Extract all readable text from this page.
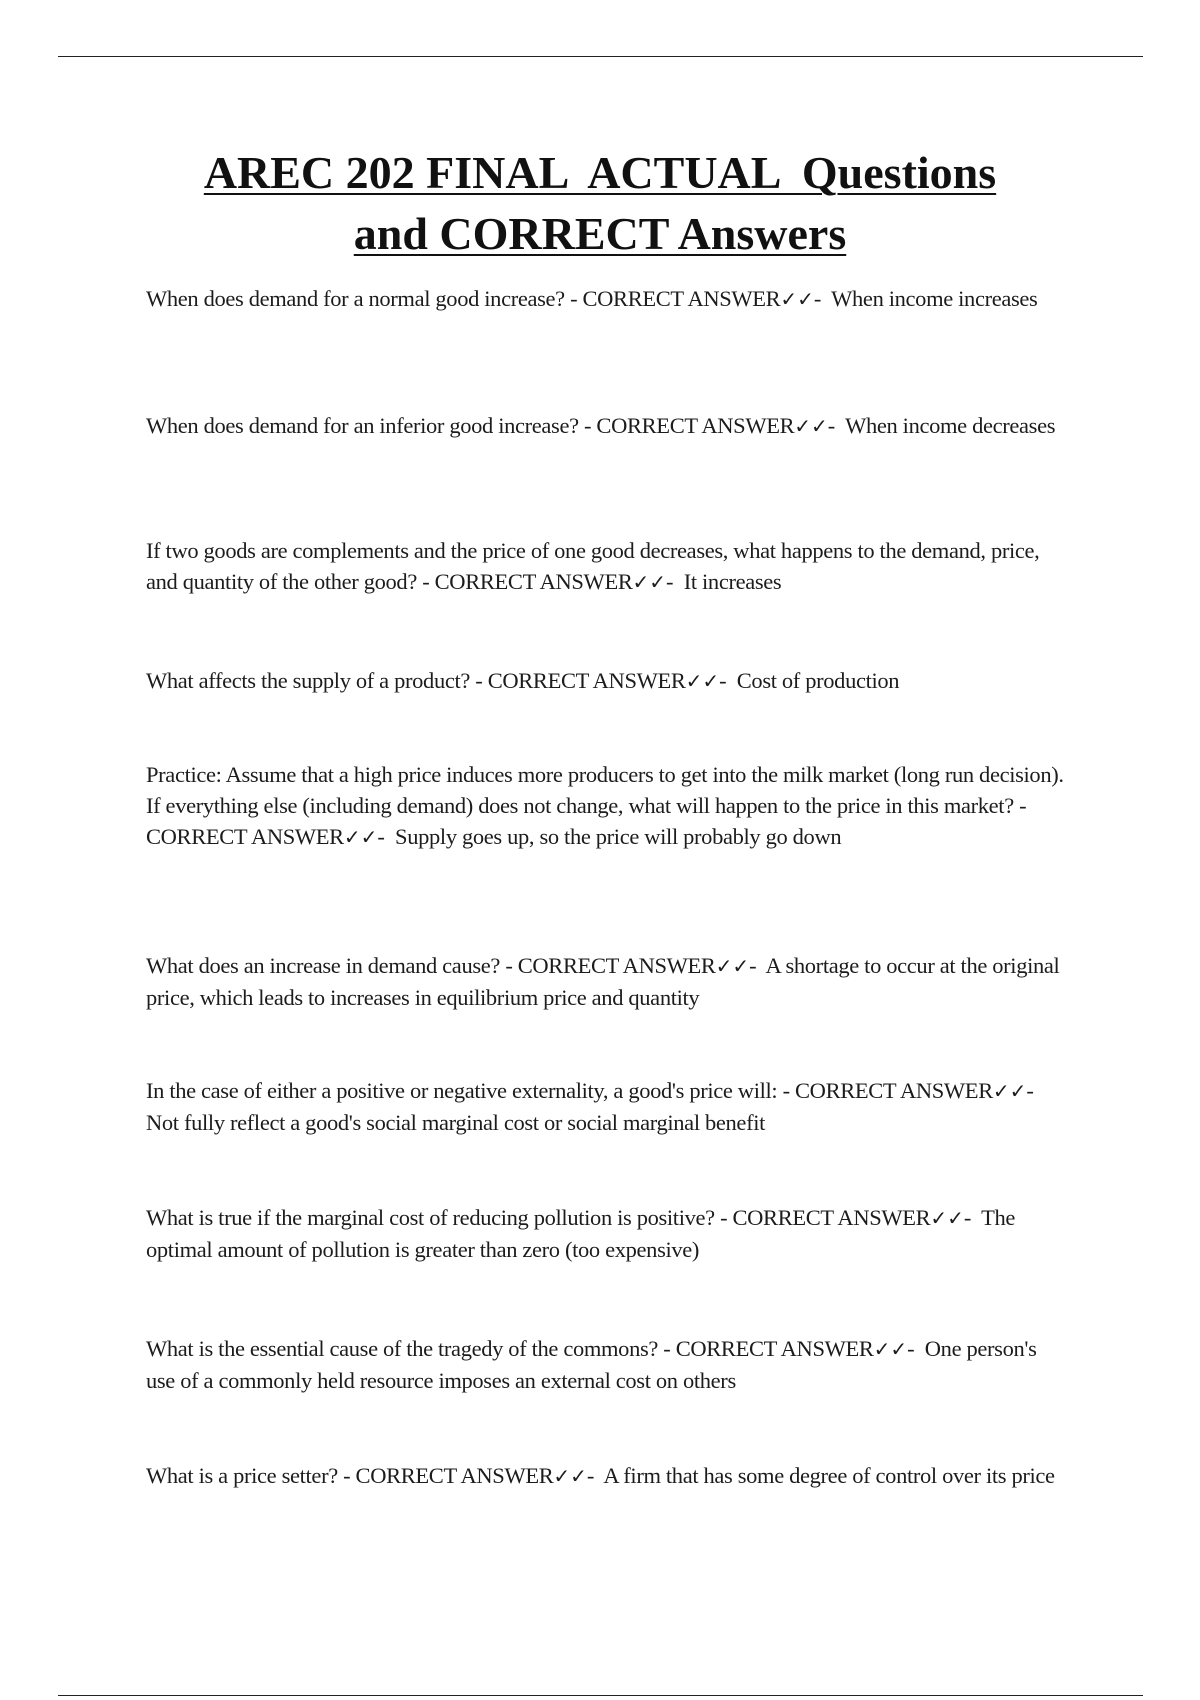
AREC 202 FINAL  ACTUAL  Questions
and CORRECT Answers

When does demand for a normal good increase? - CORRECT ANSWER✓✓-  When income increases

When does demand for an inferior good increase? - CORRECT ANSWER✓✓-  When income decreases

If two goods are complements and the price of one good decreases, what happens to the demand, price, and quantity of the other good? - CORRECT ANSWER✓✓-  It increases

What affects the supply of a product? - CORRECT ANSWER✓✓-  Cost of production

Practice: Assume that a high price induces more producers to get into the milk market (long run decision). If everything else (including demand) does not change, what will happen to the price in this market? - CORRECT ANSWER✓✓-  Supply goes up, so the price will probably go down

What does an increase in demand cause? - CORRECT ANSWER✓✓-  A shortage to occur at the original price, which leads to increases in equilibrium price and quantity

In the case of either a positive or negative externality, a good's price will: - CORRECT ANSWER✓✓-  Not fully reflect a good's social marginal cost or social marginal benefit

What is true if the marginal cost of reducing pollution is positive? - CORRECT ANSWER✓✓-  The optimal amount of pollution is greater than zero (too expensive)

What is the essential cause of the tragedy of the commons? - CORRECT ANSWER✓✓-  One person's use of a commonly held resource imposes an external cost on others

What is a price setter? - CORRECT ANSWER✓✓-  A firm that has some degree of control over its price
